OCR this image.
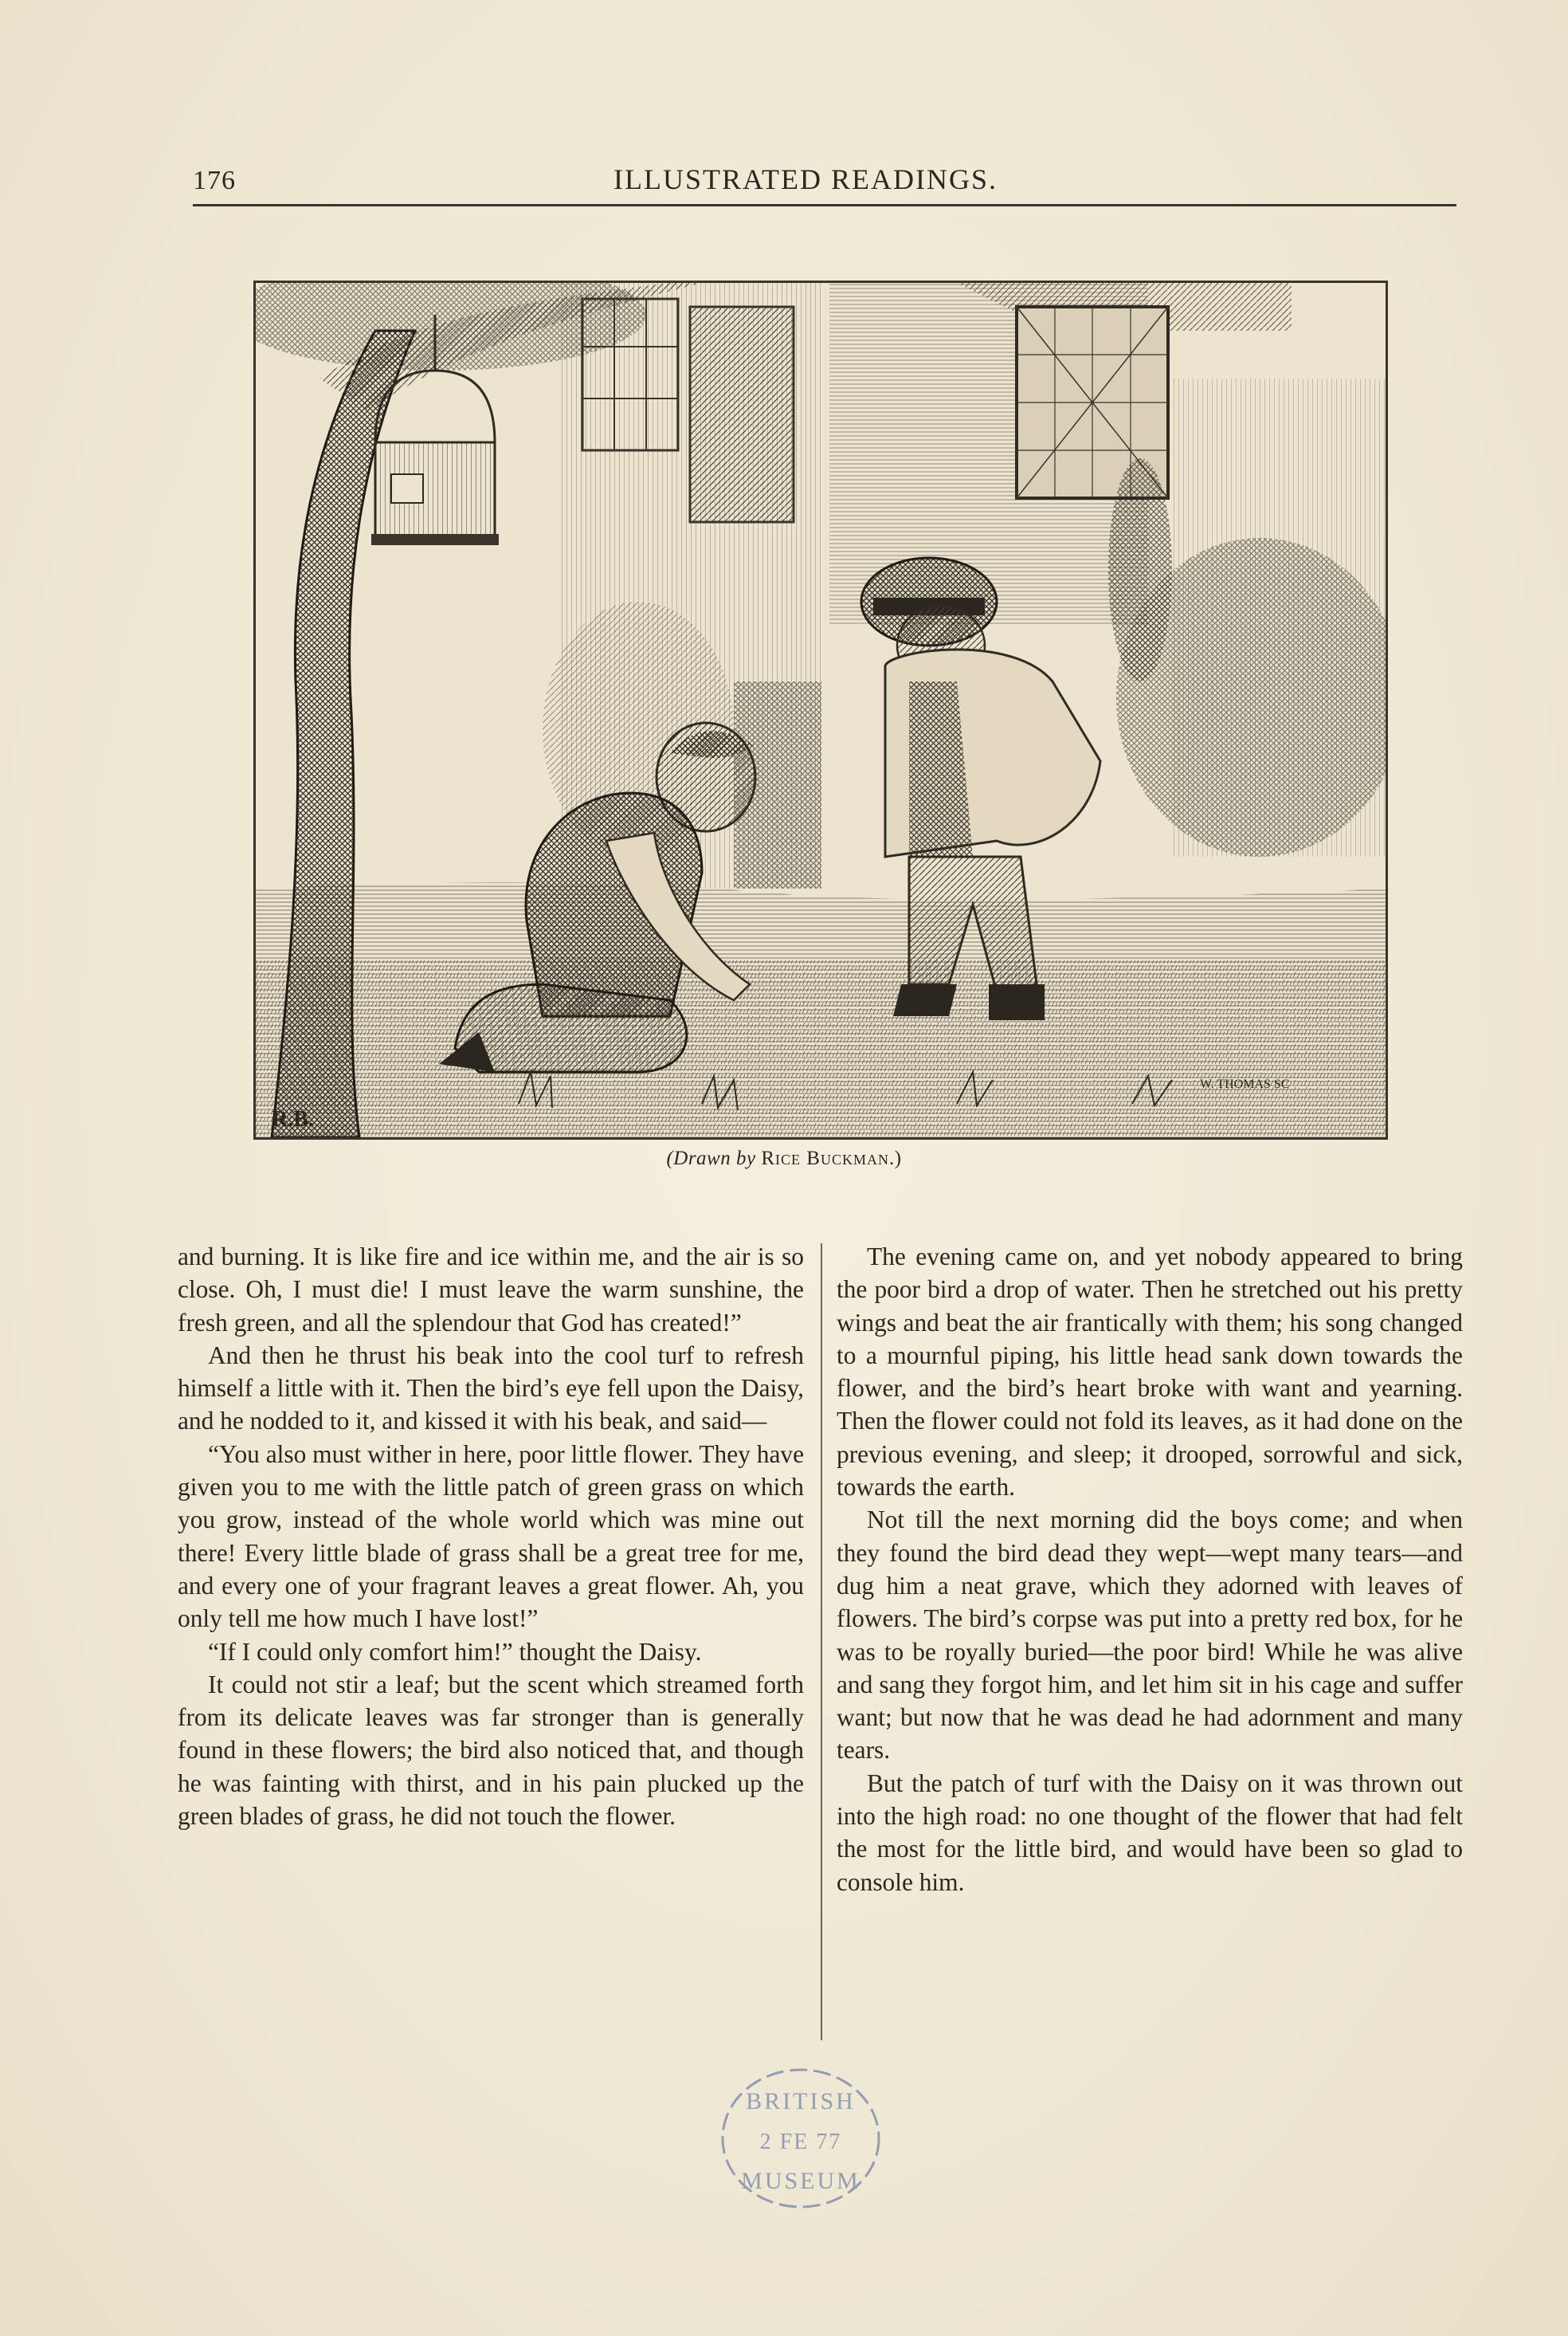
176	ILLUSTRATED READINGS.
R.B.
W. THOMAS SC
(Drawn by Rice Buckman.)

and burning. It is like fire and ice within me, and the air is so close. Oh, I must die! I must leave the warm sunshine, the fresh green, and all the splendour that God has created!”

And then he thrust his beak into the cool turf to refresh himself a little with it. Then the bird’s eye fell upon the Daisy, and he nodded to it, and kissed it with his beak, and said—

“You also must wither in here, poor little flower. They have given you to me with the little patch of green grass on which you grow, instead of the whole world which was mine out there! Every little blade of grass shall be a great tree for me, and every one of your fragrant leaves a great flower. Ah, you only tell me how much I have lost!”

“If I could only comfort him!” thought the Daisy.

It could not stir a leaf; but the scent which streamed forth from its delicate leaves was far stronger than is generally found in these flowers; the bird also noticed that, and though he was fainting with thirst, and in his pain plucked up the green blades of grass, he did not touch the flower.

The evening came on, and yet nobody appeared to bring the poor bird a drop of water. Then he stretched out his pretty wings and beat the air frantically with them; his song changed to a mournful piping, his little head sank down towards the flower, and the bird’s heart broke with want and yearning. Then the flower could not fold its leaves, as it had done on the previous evening, and sleep; it drooped, sorrowful and sick, towards the earth.

Not till the next morning did the boys come; and when they found the bird dead they wept—wept many tears—and dug him a neat grave, which they adorned with leaves of flowers. The bird’s corpse was put into a pretty red box, for he was to be royally buried—the poor bird! While he was alive and sang they forgot him, and let him sit in his cage and suffer want; but now that he was dead he had adornment and many tears.

But the patch of turf with the Daisy on it was thrown out into the high road: no one thought of the flower that had felt the most for the little bird, and would have been so glad to console him.

BRITISH
2 FE 77
MUSEUM
